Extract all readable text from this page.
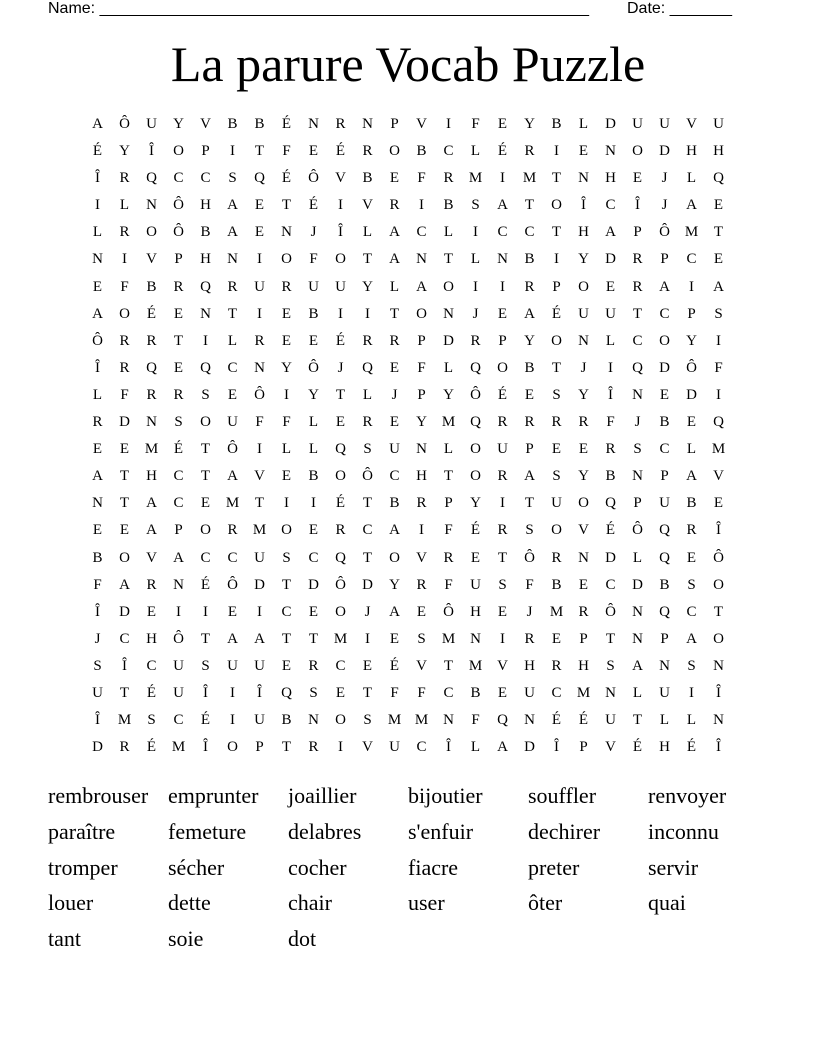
Name: _______________________________________________________ Date: _______
La parure Vocab Puzzle
A	Ô	U	Y	V	B	B	É	N	R	N	P	V	I	F	E	Y	B	L	D	U	U	V	U
É	Y	Î	O	P	I	T	F	E	É	R	O	B	C	L	É	R	I	E	N	O	D	H	H
Î	R	Q	C	C	S	Q	É	Ô	V	B	E	F	R	M	I	M	T	N	H	E	J	L	Q
I	L	N	Ô	H	A	E	T	É	I	V	R	I	B	S	A	T	O	Î	C	Î	J	A	E
L	R	O	Ô	B	A	E	N	J	Î	L	A	C	L	I	C	C	T	H	A	P	Ô M	T
N	I	V	P	H	N	I	O	F	O	T	A	N	T	L	N	B	I	Y	D	R	P	C	E
E	F	B	R	Q	R	U	R	U	U	Y	L	A	O	I	I	R	P	O	E	R	A	I	A
A	O	É	E	N	T	I	E	B	I	I	T	O	N	J	E	A	É	U	U	T	C	P	S
Ô	R	R	T	I	L	R	E	E	É	R	R	P	D	R	P	Y	O	N	L	C	O	Y	I
Î	R	Q	E	Q	C	N	Y	Ô	J	Q	E	F	L	Q	O	B	T	J	I	Q	D	Ô	F
L	F	R	R	S	E	Ô	I	Y	T	L	J	P	Y	Ô	É	E	S	Y	Î	N	E	D	I
R	D	N	S	O	U	F	F	L	E	R	E	Y M Q	R	R	R	R	F	J	B	E	Q
E	E	M	É	T	Ô	I	L	L	Q	S	U	N	L	O	U	P	E	E	R	S	C	L	M
A	T	H	C	T	A	V	E	B	O	Ô	C	H	T	O	R	A	S	Y	B	N	P	A	V
N	T	A	C	E	M	T	I	I	É	T	B	R	P	Y	I	T	U	O	Q	P	U	B	E
E	E	A	P	O	R	M O	E	R	C	A	I	F	É	R	S	O	V	É	Ô	Q	R	Î
B	O	V	A	C	C	U	S	C	Q	T	O	V	R	E	T	Ô	R	N	D	L	Q	E	Ô
F	A	R	N	É	Ô	D	T	D	Ô	D	Y	R	F	U	S	F	B	E	C	D	B	S	O
Î	D	E	I	I	E	I	C	E	O	J	A	E	Ô	H	E	J	M	R	Ô	N	Q	C	T
J	C	H	Ô	T	A	A	T	T	M	I	E	S	M N	I	R	E	P	T	N	P	A	O
S	Î	C	U	S	U	U	E	R	C	E	É	V	T	M V	H	R	H	S	A	N	S	N
U	T	É	U	Î	I	Î	Q	S	E	T	F	F	C	B	E	U	C	M N	L	U	I	Î
Î	M	S	C	É	I	U	B	N	O	S	M M N	F	Q	N	É	É	U	T	L	L	N
D	R	É	M	Î	O	P	T	R	I	V	U	C	Î	L	A	D	Î	P	V	É	H	É	Î
rembrouser emprunter	joaillier	bijoutier	souffler	renvoyer
paraître	femeture	delabres	s'enfuir	dechirer	inconnu
tromper	sécher	cocher	fiacre	preter	servir
louer	dette	chair	user	ôter	quai
tant	soie	dot
